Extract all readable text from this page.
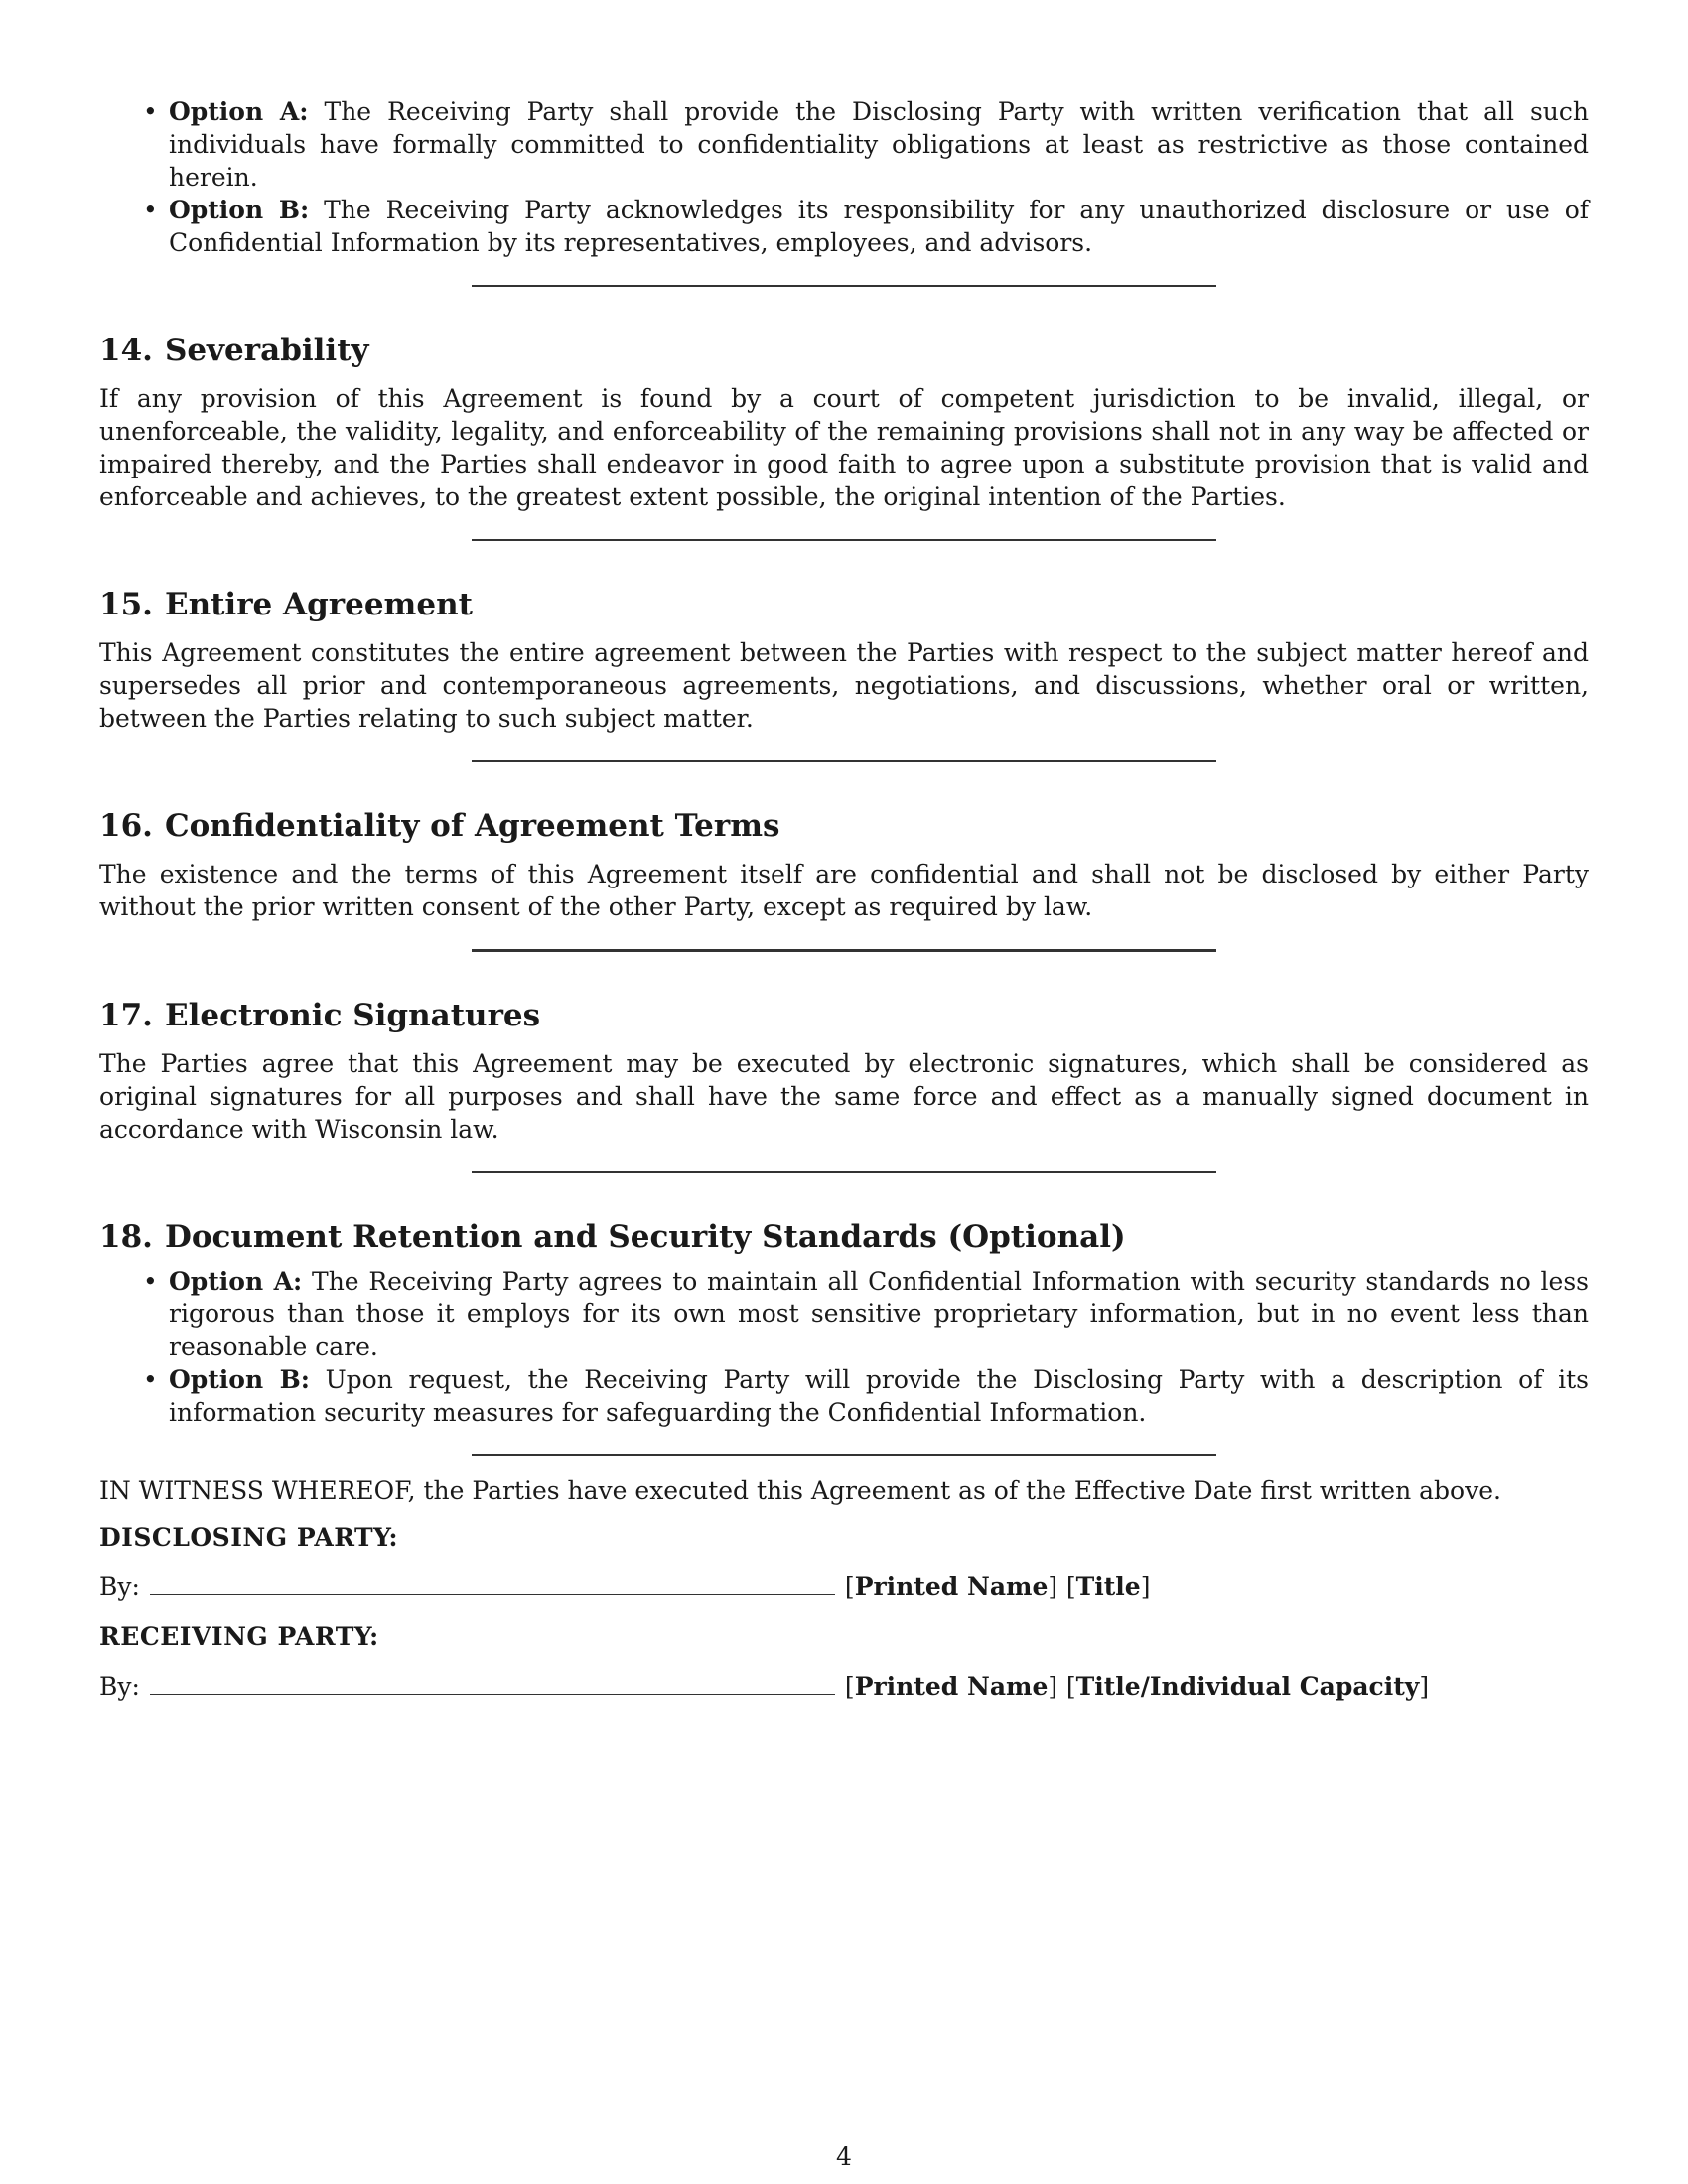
• Option A: The Receiving Party shall provide the Disclosing Party with written verification that all such individuals have formally committed to confidentiality obligations at least as restrictive as those contained herein.
• Option B: The Receiving Party acknowledges its responsibility for any unauthorized disclosure or use of Confidential Information by its representatives, employees, and advisors.
14. Severability

If any provision of this Agreement is found by a court of competent jurisdiction to be invalid, illegal, or unenforceable, the validity, legality, and enforceability of the remaining provisions shall not in any way be affected or impaired thereby, and the Parties shall endeavor in good faith to agree upon a substitute provision that is valid and enforceable and achieves, to the greatest extent possible, the original intention of the Parties.

15. Entire Agreement

This Agreement constitutes the entire agreement between the Parties with respect to the subject matter hereof and supersedes all prior and contemporaneous agreements, negotiations, and discussions, whether oral or written, between the Parties relating to such subject matter.

16. Confidentiality of Agreement Terms

The existence and the terms of this Agreement itself are confidential and shall not be disclosed by either Party without the prior written consent of the other Party, except as required by law.

17. Electronic Signatures

The Parties agree that this Agreement may be executed by electronic signatures, which shall be considered as original signatures for all purposes and shall have the same force and effect as a manually signed document in accordance with Wisconsin law.

18. Document Retention and Security Standards (Optional)
• Option A: The Receiving Party agrees to maintain all Confidential Information with security standards no less rigorous than those it employs for its own most sensitive proprietary information, but in no event less than reasonable care.
• Option B: Upon request, the Receiving Party will provide the Disclosing Party with a description of its information security measures for safeguarding the Confidential Information.

IN WITNESS WHEREOF, the Parties have executed this Agreement as of the Effective Date first written above.

DISCLOSING PARTY:

By:	[Printed Name] [Title]

RECEIVING PARTY:

By:	[Printed Name] [Title/Individual Capacity]

4
